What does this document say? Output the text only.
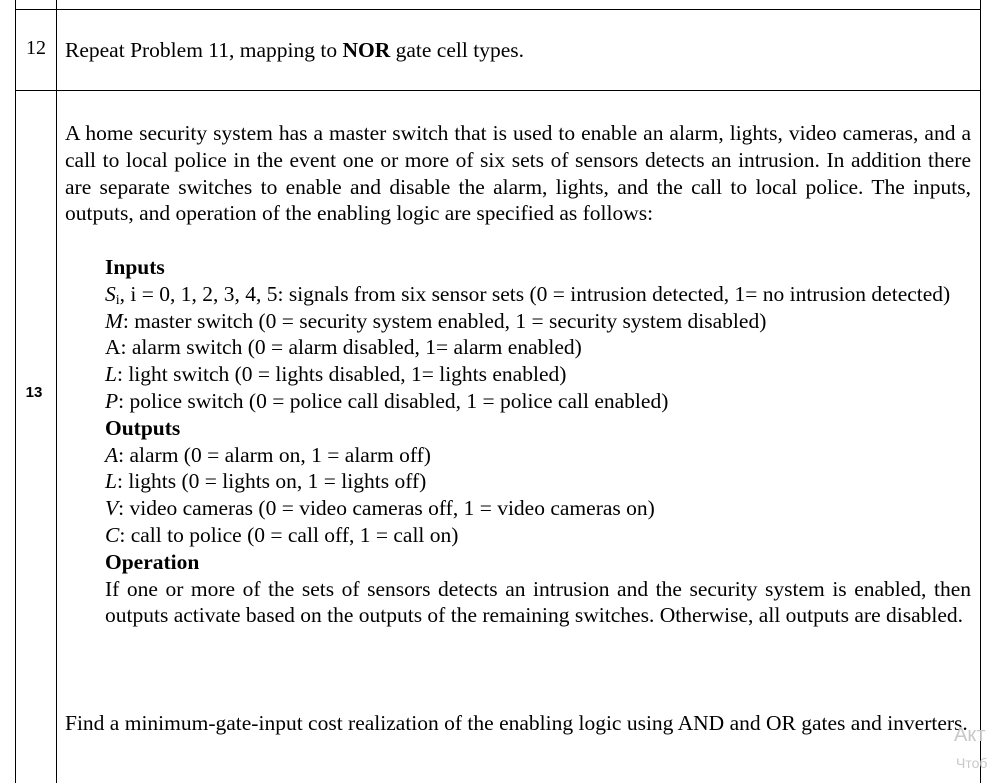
12 Repeat Problem 11, mapping to NOR gate cell types.
13
A home security system has a master switch that is used to enable an alarm, lights, video cameras, and a call to local police in the event one or more of six sets of sensors detects an intrusion. In addition there are separate switches to enable and disable the alarm, lights, and the call to local police. The inputs, outputs, and operation of the enabling logic are specified as follows:
Inputs
$S_i$, i = 0, 1, 2, 3, 4, 5: signals from six sensor sets (0 = intrusion detected, 1= no intrusion detected)
M: master switch (0 = security system enabled, 1 = security system disabled)
A: alarm switch (0 = alarm disabled, 1= alarm enabled)
L: light switch (0 = lights disabled, 1= lights enabled)
P: police switch (0 = police call disabled, 1 = police call enabled)
Outputs
A: alarm (0 = alarm on, 1 = alarm off)
L: lights (0 = lights on, 1 = lights off)
V: video cameras (0 = video cameras off, 1 = video cameras on)
C: call to police (0 = call off, 1 = call on)
Operation
If one or more of the sets of sensors detects an intrusion and the security system is enabled, then outputs activate based on the outputs of the remaining switches. Otherwise, all outputs are disabled.
Find a minimum-gate-input cost realization of the enabling logic using AND and OR gates and inverters.
Акт
Чтоб
